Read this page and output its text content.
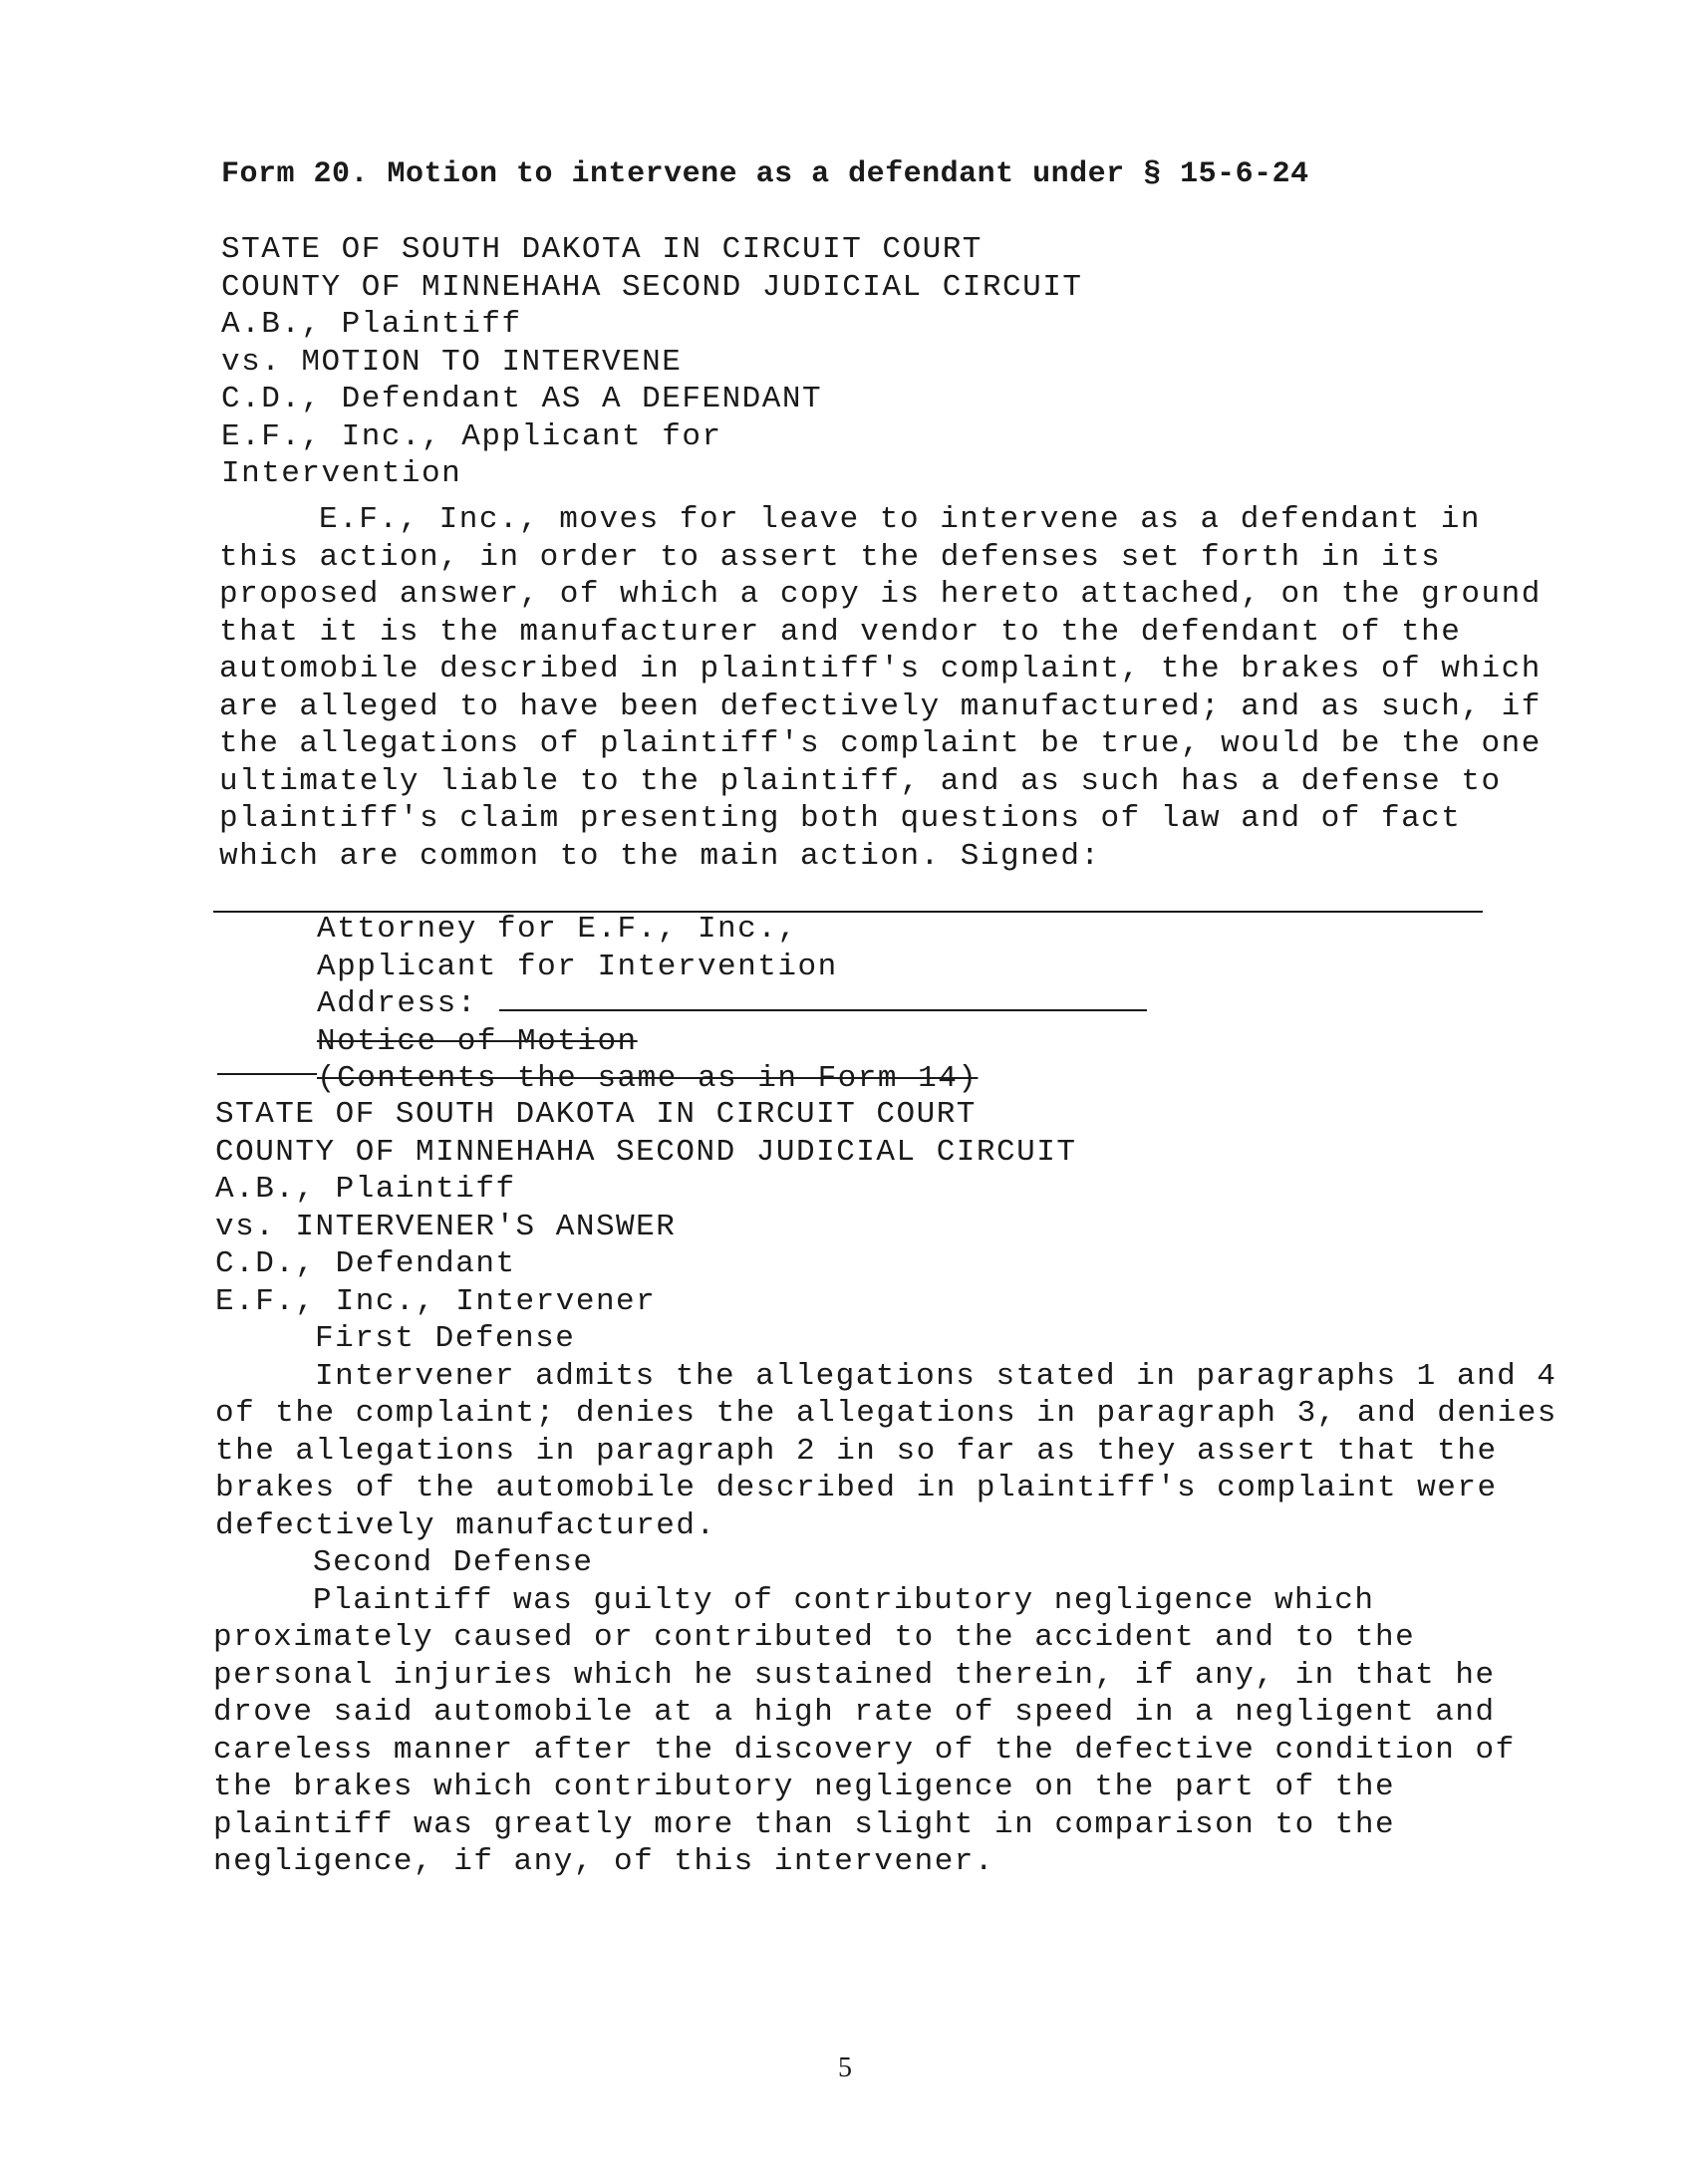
Form 20. Motion to intervene as a defendant under § 15-6-24
STATE OF SOUTH DAKOTA IN CIRCUIT COURT
COUNTY OF MINNEHAHA SECOND JUDICIAL CIRCUIT
A.B., Plaintiff
vs. MOTION TO INTERVENE
C.D., Defendant AS A DEFENDANT
E.F., Inc., Applicant for
Intervention
E.F., Inc., moves for leave to intervene as a defendant in
this action, in order to assert the defenses set forth in its
proposed answer, of which a copy is hereto attached, on the ground
that it is the manufacturer and vendor to the defendant of the
automobile described in plaintiff's complaint, the brakes of which
are alleged to have been defectively manufactured; and as such, if
the allegations of plaintiff's complaint be true, would be the one
ultimately liable to the plaintiff, and as such has a defense to
plaintiff's claim presenting both questions of law and of fact
which are common to the main action. Signed:
Attorney for E.F., Inc.,
Applicant for Intervention
Address:
Notice of Motion
(Contents the same as in Form 14)
STATE OF SOUTH DAKOTA IN CIRCUIT COURT
COUNTY OF MINNEHAHA SECOND JUDICIAL CIRCUIT
A.B., Plaintiff
vs. INTERVENER'S ANSWER
C.D., Defendant
E.F., Inc., Intervener
First Defense
Intervener admits the allegations stated in paragraphs 1 and 4
of the complaint; denies the allegations in paragraph 3, and denies
the allegations in paragraph 2 in so far as they assert that the
brakes of the automobile described in plaintiff's complaint were
defectively manufactured.
Second Defense
Plaintiff was guilty of contributory negligence which
proximately caused or contributed to the accident and to the
personal injuries which he sustained therein, if any, in that he
drove said automobile at a high rate of speed in a negligent and
careless manner after the discovery of the defective condition of
the brakes which contributory negligence on the part of the
plaintiff was greatly more than slight in comparison to the
negligence, if any, of this intervener.
5
